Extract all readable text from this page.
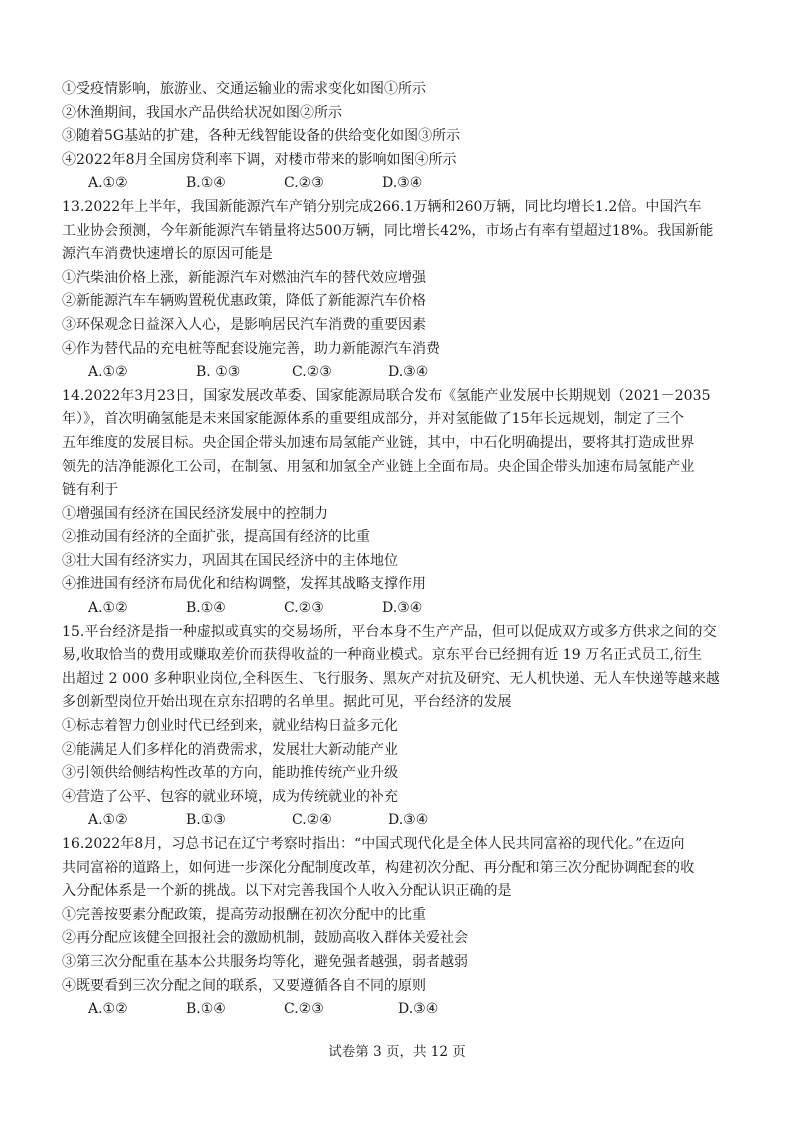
①受疫情影响，旅游业、交通运输业的需求变化如图①所示
②休渔期间，我国水产品供给状况如图②所示
③随着5G基站的扩建，各种无线智能设备的供给变化如图③所示
④2022年8月全国房贷利率下调，对楼市带来的影响如图④所示
A.①②	B.①④	C.②③	D.③④
13.2022年上半年，我国新能源汽车产销分别完成266.1万辆和260万辆，同比均增长1.2倍。中国汽车
工业协会预测，今年新能源汽车销量将达500万辆，同比增长42%，市场占有率有望超过18%。我国新能
源汽车消费快速增长的原因可能是
①汽柴油价格上涨，新能源汽车对燃油汽车的替代效应增强
②新能源汽车车辆购置税优惠政策，降低了新能源汽车价格
③环保观念日益深入人心，是影响居民汽车消费的重要因素
④作为替代品的充电桩等配套设施完善，助力新能源汽车消费
A.①②	B. ①③	C.②③	D.③④
14.2022年3月23日，国家发展改革委、国家能源局联合发布《氢能产业发展中长期规划（2021－2035
年）》，首次明确氢能是未来国家能源体系的重要组成部分，并对氢能做了15年长远规划，制定了三个
五年维度的发展目标。央企国企带头加速布局氢能产业链，其中，中石化明确提出，要将其打造成世界
领先的洁净能源化工公司，在制氢、用氢和加氢全产业链上全面布局。央企国企带头加速布局氢能产业
链有利于
①增强国有经济在国民经济发展中的控制力
②推动国有经济的全面扩张，提高国有经济的比重
③壮大国有经济实力，巩固其在国民经济中的主体地位
④推进国有经济布局优化和结构调整，发挥其战略支撑作用
A.①②	B.①④	C.②③	D.③④
15.平台经济是指一种虚拟或真实的交易场所，平台本身不生产产品，但可以促成双方或多方供求之间的交
易,收取恰当的费用或赚取差价而获得收益的一种商业模式。京东平台已经拥有近 19 万名正式员工,衍生
出超过 2 000 多种职业岗位,全科医生、飞行服务、黑灰产对抗及研究、无人机快递、无人车快递等越来越
多创新型岗位开始出现在京东招聘的名单里。据此可见，平台经济的发展
①标志着智力创业时代已经到来，就业结构日益多元化
②能满足人们多样化的消费需求，发展壮大新动能产业
③引领供给侧结构性改革的方向，能助推传统产业升级
④营造了公平、包容的就业环境，成为传统就业的补充
A.①②	B.①③	C.②④	D.③④
16.2022年8月，习总书记在辽宁考察时指出：“中国式现代化是全体人民共同富裕的现代化。”在迈向
共同富裕的道路上，如何进一步深化分配制度改革，构建初次分配、再分配和第三次分配协调配套的收
入分配体系是一个新的挑战。以下对完善我国个人收入分配认识正确的是
①完善按要素分配政策，提高劳动报酬在初次分配中的比重
②再分配应该健全回报社会的激励机制，鼓励高收入群体关爱社会
③第三次分配重在基本公共服务均等化，避免强者越强，弱者越弱
④既要看到三次分配之间的联系，又要遵循各自不同的原则
A.①②	B.①④	C.②③	D.③④
试卷第 3 页，共 12 页
